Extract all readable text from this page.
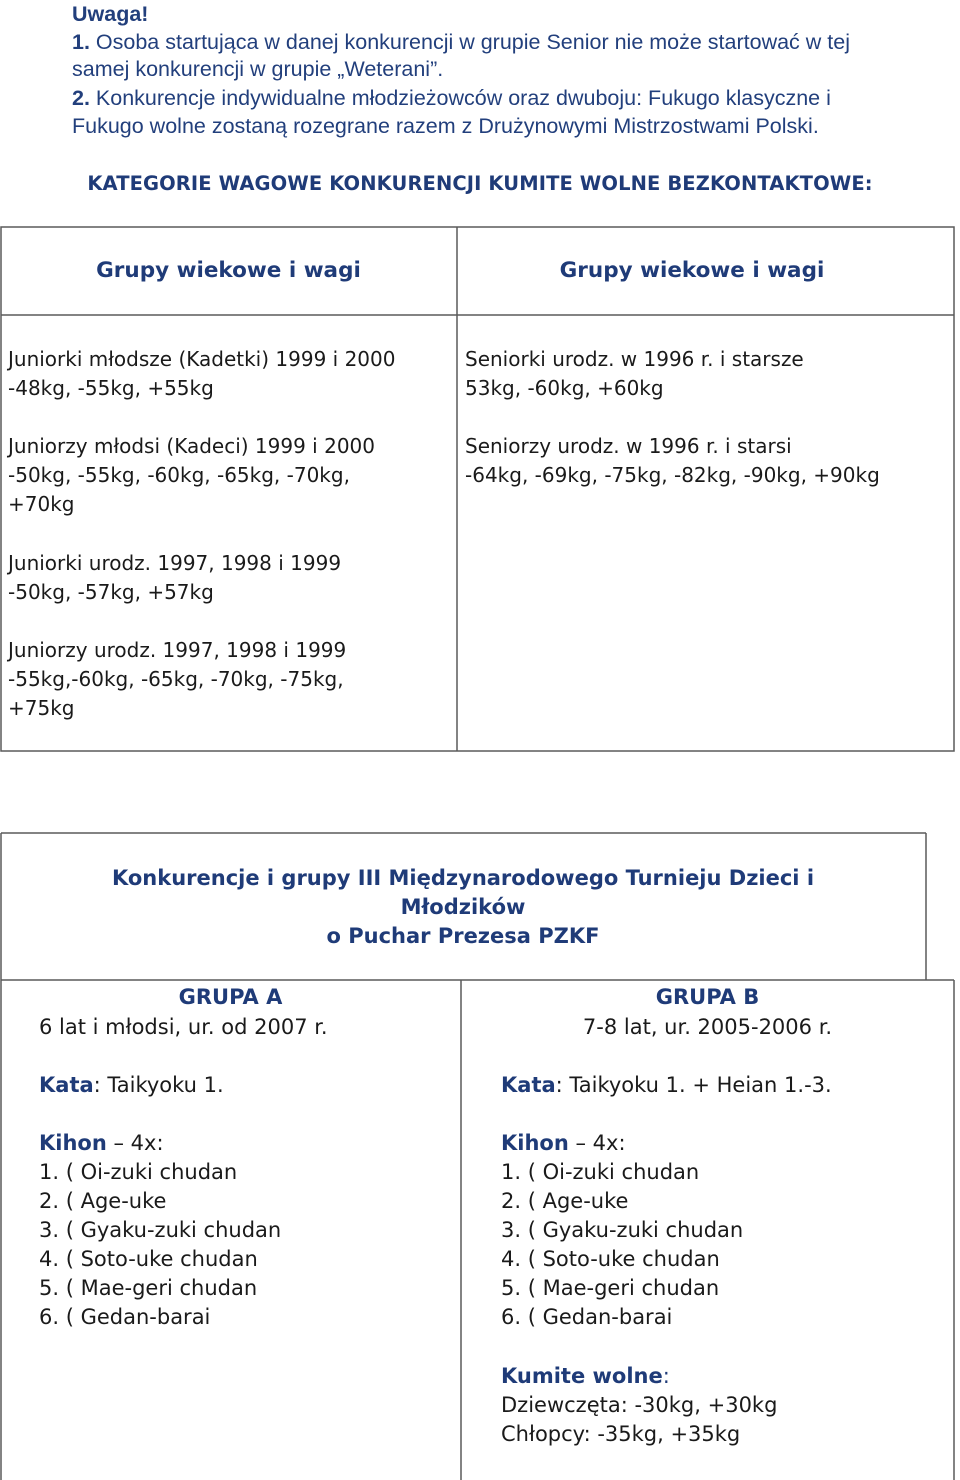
Uwaga!
1. Osoba startująca w danej konkurencji w grupie Senior nie może startować w tej
samej konkurencji w grupie „Weterani”.
2. Konkurencje indywidualne młodzieżowców oraz dwuboju: Fukugo klasyczne i
Fukugo wolne zostaną rozegrane razem z Drużynowymi Mistrzostwami Polski.
KATEGORIE WAGOWE KONKURENCJI KUMITE WOLNE BEZKONTAKTOWE:
Grupy wiekowe i wagi	Grupy wiekowe i wagi
Juniorki młodsze (Kadetki) 1999 i 2000
-48kg, -55kg, +55kg
Juniorzy młodsi (Kadeci) 1999 i 2000
-50kg, -55kg, -60kg, -65kg, -70kg,
+70kg
Juniorki urodz. 1997, 1998 i 1999
-50kg, -57kg, +57kg
Juniorzy urodz. 1997, 1998 i 1999
-55kg,-60kg, -65kg, -70kg, -75kg,
+75kg
Seniorki urodz. w 1996 r. i starsze
53kg, -60kg, +60kg
Seniorzy urodz. w 1996 r. i starsi
-64kg, -69kg, -75kg, -82kg, -90kg, +90kg
Konkurencje i grupy III Międzynarodowego Turnieju Dzieci i
Młodzików
o Puchar Prezesa PZKF
GRUPA A
6 lat i młodsi, ur. od 2007 r.
Kata: Taikyoku 1.
Kihon – 4x:
1. ( Oi-zuki chudan
2. ( Age-uke
3. ( Gyaku-zuki chudan
4. ( Soto-uke chudan
5. ( Mae-geri chudan
6. ( Gedan-barai
GRUPA B
7-8 lat, ur. 2005-2006 r.
Kata: Taikyoku 1. + Heian 1.-3.
Kihon – 4x:
1. ( Oi-zuki chudan
2. ( Age-uke
3. ( Gyaku-zuki chudan
4. ( Soto-uke chudan
5. ( Mae-geri chudan
6. ( Gedan-barai
Kumite wolne:
Dziewczęta: -30kg, +30kg
Chłopcy: -35kg, +35kg
